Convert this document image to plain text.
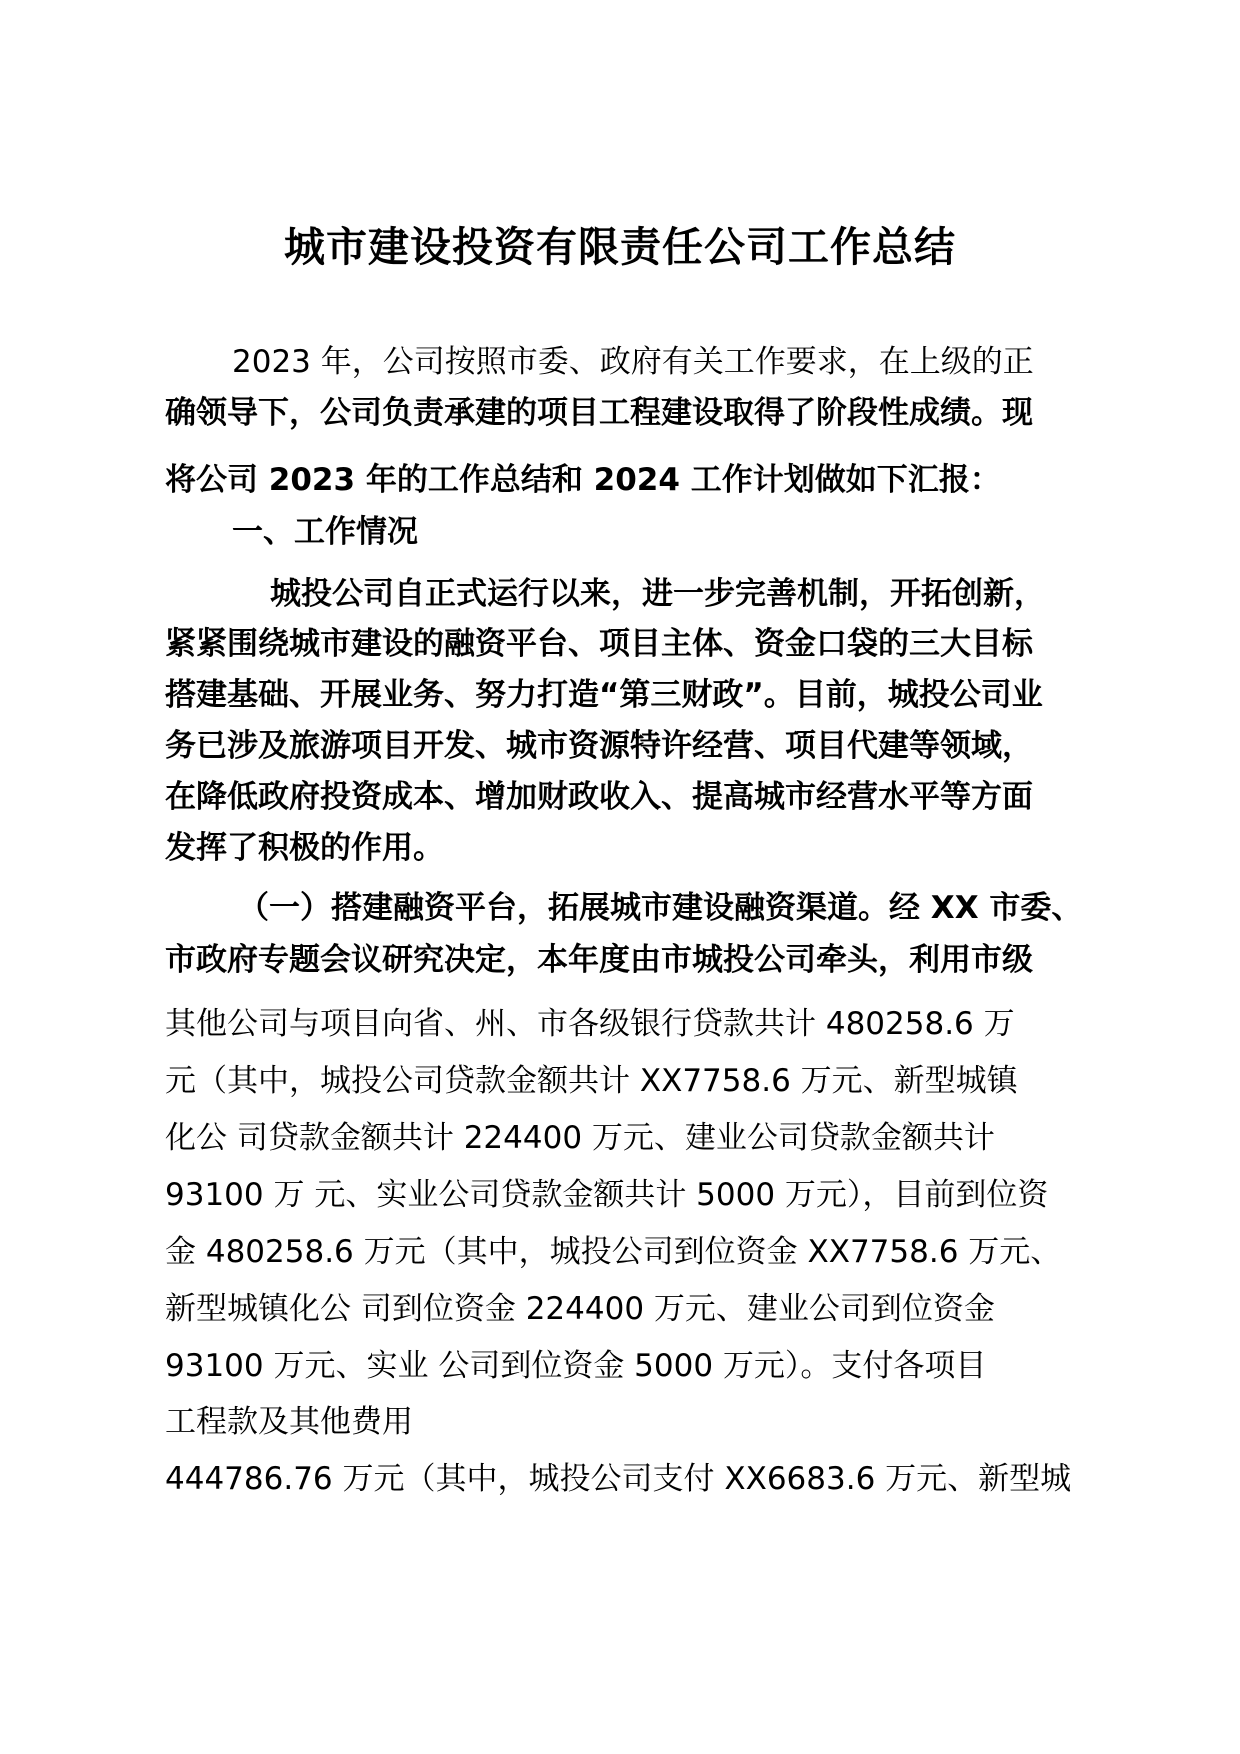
城市建设投资有限责任公司工作总结
2023 年，公司按照市委、政府有关工作要求，在上级的正
确领导下，公司负责承建的项目工程建设取得了阶段性成绩。现
将公司 2023 年的工作总结和 2024 工作计划做如下汇报：
一、工作情况
城投公司自正式运行以来，进一步完善机制，开拓创新，
紧紧围绕城市建设的融资平台、项目主体、资金口袋的三大目标
搭建基础、开展业务、努力打造“第三财政”。目前，城投公司业
务已涉及旅游项目开发、城市资源特许经营、项目代建等领域，
在降低政府投资成本、增加财政收入、提高城市经营水平等方面
发挥了积极的作用。
（一）搭建融资平台，拓展城市建设融资渠道。经 XX 市委、
市政府专题会议研究决定，本年度由市城投公司牵头，利用市级
其他公司与项目向省、州、市各级银行贷款共计 480258.6 万
元（其中，城投公司贷款金额共计 XX7758.6 万元、新型城镇
化公 司贷款金额共计 224400 万元、建业公司贷款金额共计
93100 万 元、实业公司贷款金额共计 5000 万元），目前到位资
金 480258.6 万元（其中，城投公司到位资金 XX7758.6 万元、
新型城镇化公 司到位资金 224400 万元、建业公司到位资金
93100 万元、实业 公司到位资金 5000 万元）。支付各项目
工程款及其他费用
444786.76 万元（其中，城投公司支付 XX6683.6 万元、新型城
